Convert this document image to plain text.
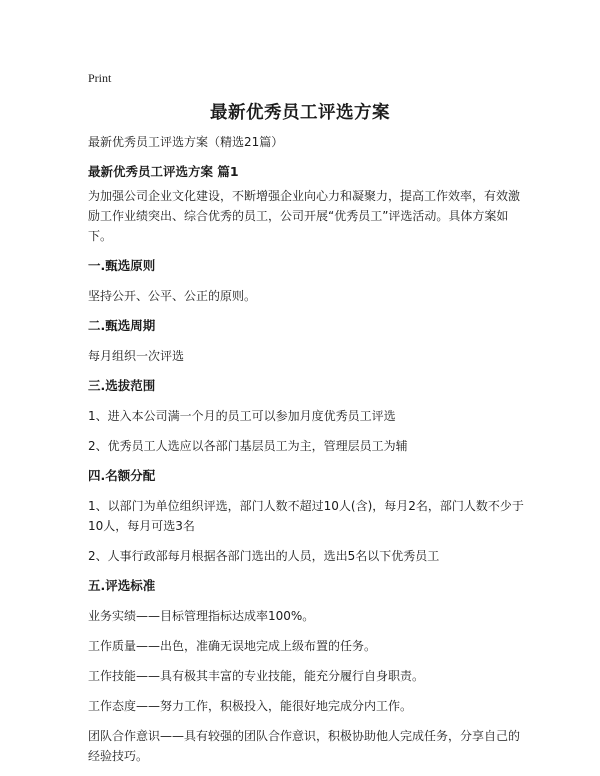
Print
最新优秀员工评选方案

最新优秀员工评选方案（精选21篇）

最新优秀员工评选方案 篇1

为加强公司企业文化建设，不断增强企业向心力和凝聚力，提高工作效率，有效激励工作业绩突出、综合优秀的员工，公司开展“优秀员工”评选活动。具体方案如下。

一.甄选原则

坚持公开、公平、公正的原则。

二.甄选周期

每月组织一次评选

三.选拔范围

1、进入本公司满一个月的员工可以参加月度优秀员工评选

2、优秀员工人选应以各部门基层员工为主，管理层员工为辅

四.名额分配

1、以部门为单位组织评选，部门人数不超过10人(含)，每月2名，部门人数不少于10人，每月可选3名

2、人事行政部每月根据各部门选出的人员，选出5名以下优秀员工

五.评选标准

业务实绩——目标管理指标达成率100%。

工作质量——出色，准确无误地完成上级布置的任务。

工作技能——具有极其丰富的专业技能，能充分履行自身职责。

工作态度——努力工作，积极投入，能很好地完成分内工作。

团队合作意识——具有较强的团队合作意识，积极协助他人完成任务，分享自己的经验技巧。
